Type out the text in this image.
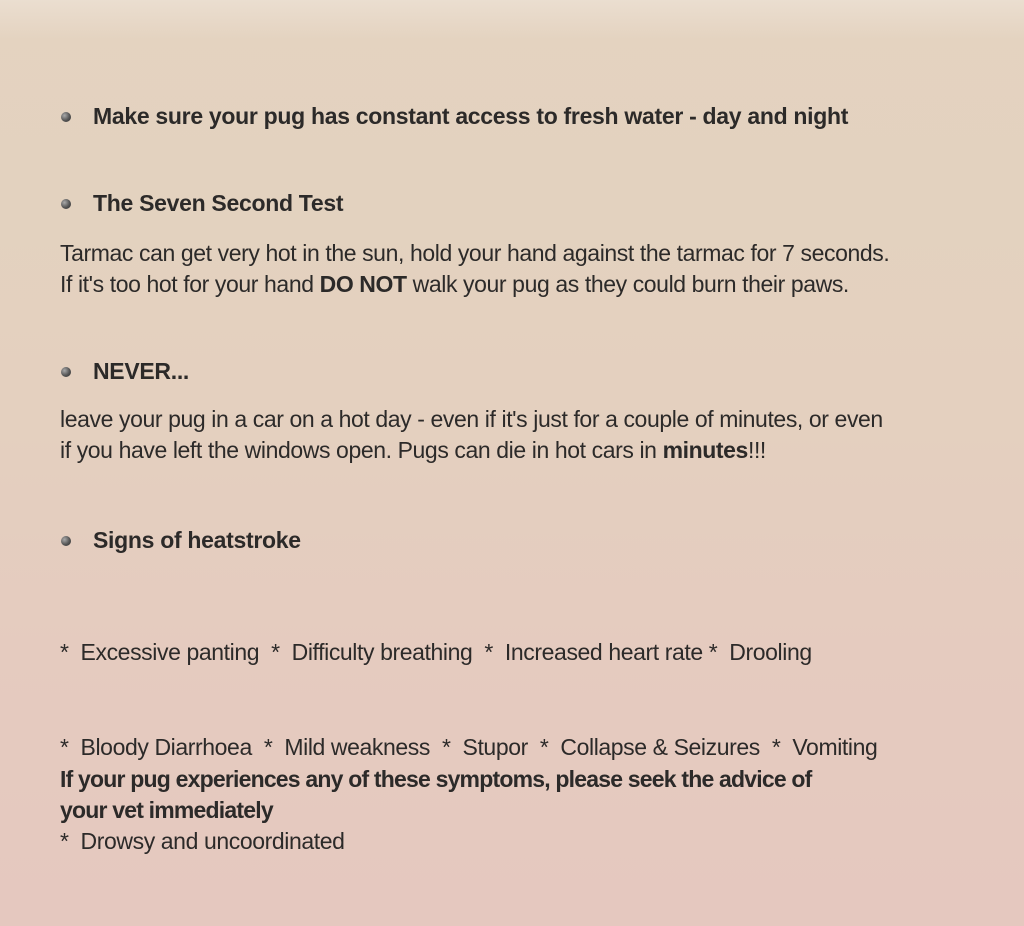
Make sure your pug has constant access to fresh water - day and night
The Seven Second Test
Tarmac can get very hot in the sun, hold your hand against the tarmac for 7 seconds.
If it's too hot for your hand DO NOT walk your pug as they could burn their paws.
NEVER...
leave your pug in a car on a hot day - even if it's just for a couple of minutes, or even
if you have left the windows open. Pugs can die in hot cars in minutes!!!
Signs of heatstroke

*  Excessive panting  *  Difficulty breathing  *  Increased heart rate *  Drooling

*  Bloody Diarrhoea  *  Mild weakness  *  Stupor  *  Collapse & Seizures  *  Vomiting

*  Drowsy and uncoordinated

If your pug experiences any of these symptoms, please seek the advice of
your vet immediately
